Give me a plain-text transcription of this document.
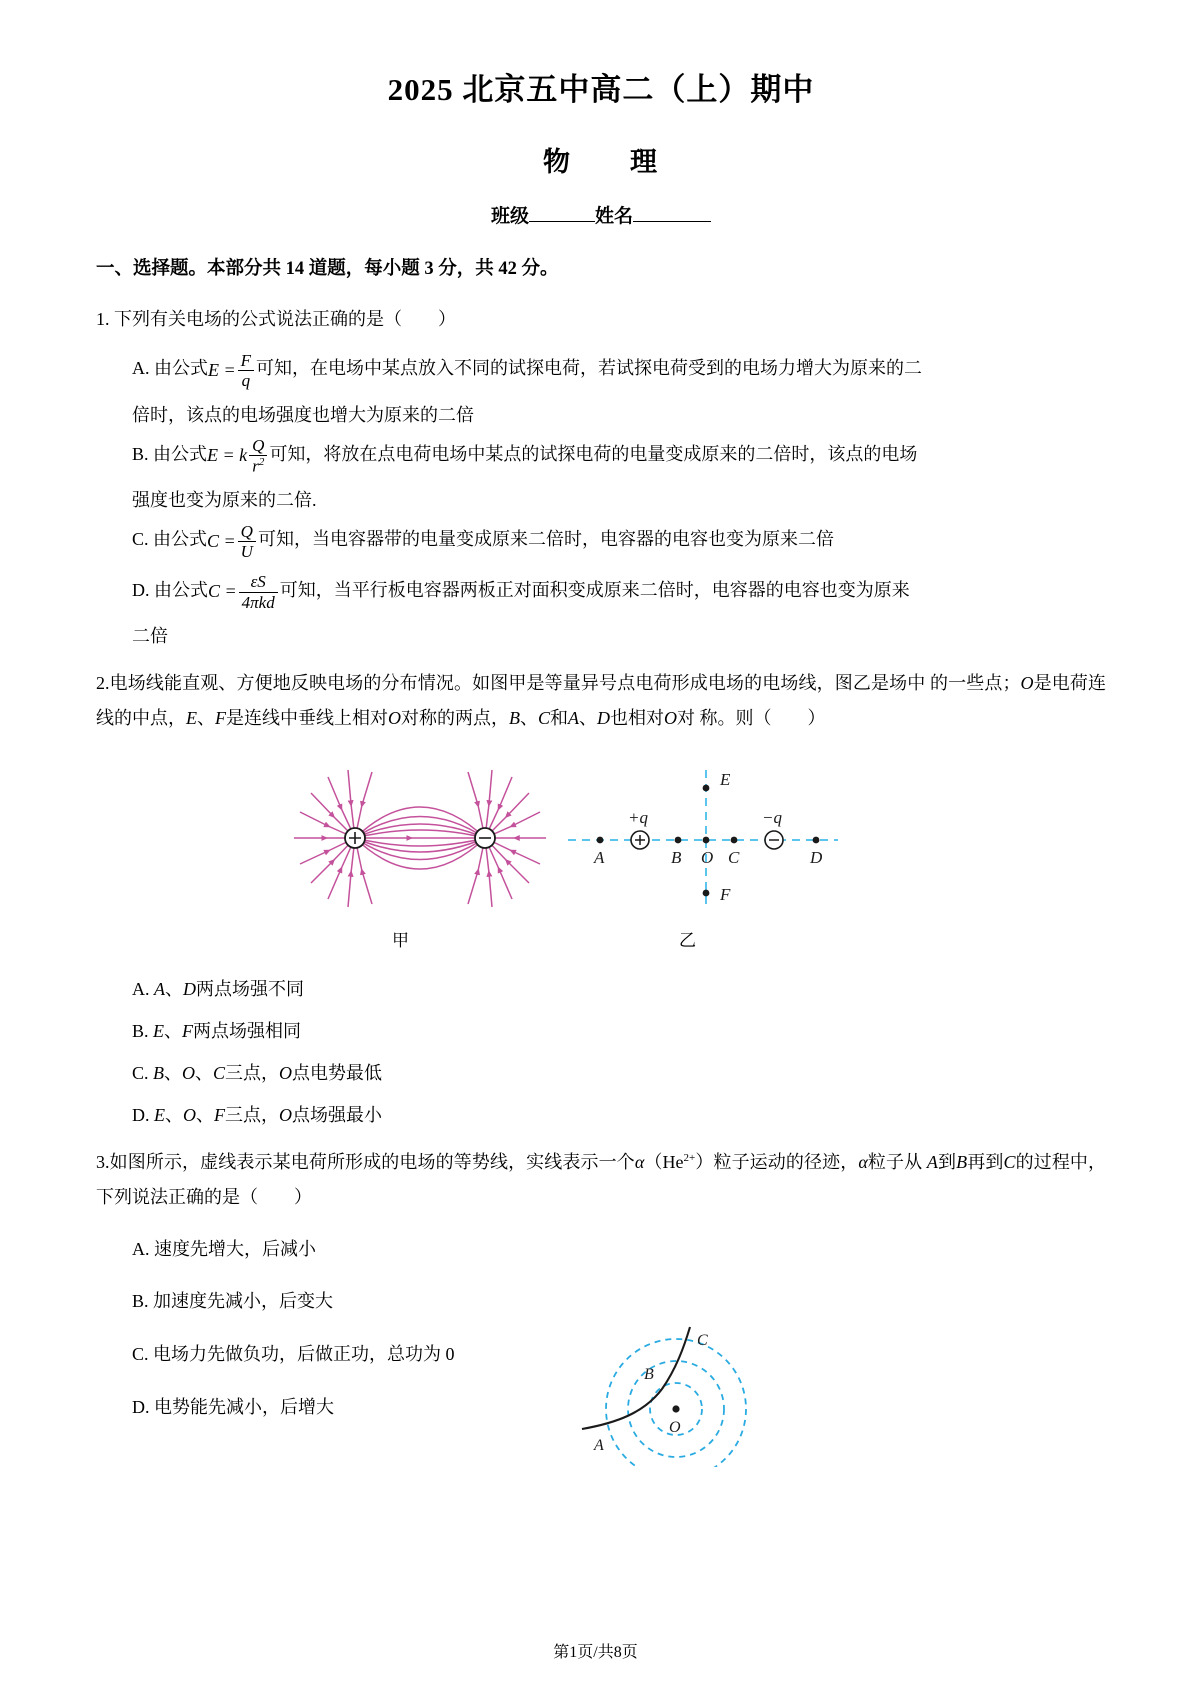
2025 北京五中高二（上）期中
物　　理
班级	姓名
一、选择题。本部分共 14 道题，每小题 3 分，共 42 分。
1. 下列有关电场的公式说法正确的是（　　）
A. 由公式$E = \frac{F}{q}$ 可知，在电场中某点放入不同的试探电荷，若试探电荷受到的电场力增大为原来的二
倍时，该点的电场强度也增大为原来的二倍
B. 由公式E = k $\frac{Q}{r^2}$ 可知，将放在点电荷电场中某点的试探电荷的电量变成原来的二倍时，该点的电场
强度也变为原来的二倍.
C. 由公式$C = \frac{Q}{U}$ 可知，当电容器带的电量变成原来二倍时，电容器的电容也变为原来二倍
D. 由公式$C = \frac{\varepsilon S}{\text{4πkd}}$ 可知，当平行板电容器两板正对面积变成原来二倍时，电容器的电容也变为原来
二倍
2.电场线能直观、方便地反映电场的分布情况。如图甲是等量异号点电荷形成电场的电场线，图乙是场中 的一些点；O是电荷连线的中点，E、F是连线中垂线上相对O对称的两点，B、C和A、D也相对O对 称。则（　　）
A	B O C	D
E
F
+q	−q
甲	乙
A. A、D两点场强不同
B. E、F两点场强相同
C. B、O、C三点，O点电势最低
D. E、O、F三点，O点场强最小
3.如图所示，虚线表示某电荷所形成的电场的等势线，实线表示一个$\alpha(He^{2+})$粒子运动的径迹，α粒子从 A到B再到C的过程中，下列说法正确的是（　　）
A. 速度先增大，后减小
B. 加速度先减小，后变大
C. 电场力先做负功，后做正功，总功为 0
D. 电势能先减小，后增大
A
B
C
O
第1页/共8页
